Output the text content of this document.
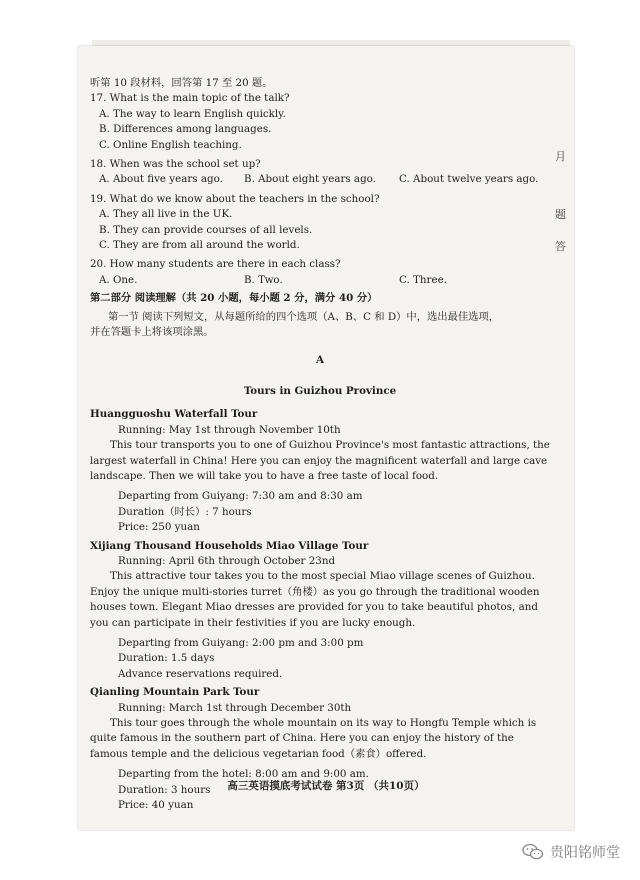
月
题
答
听第 10 段材料，回答第 17 至 20 题。
17. What is the main topic of the talk?
A. The way to learn English quickly.
B. Differences among languages.
C. Online English teaching.
18. When was the school set up?
A. About five years ago.	B. About eight years ago.	C. About twelve years ago.
19. What do we know about the teachers in the school?
A. They all live in the UK.
B. They can provide courses of all levels.
C. They are from all around the world.
20. How many students are there in each class?
A. One.	B. Two.	C. Three.
第二部分 阅读理解（共 20 小题，每小题 2 分，满分 40 分）
第一节 阅读下列短文，从每题所给的四个选项（A、B、C 和 D）中，选出最佳选项，
并在答题卡上将该项涂黑。
A
Tours in Guizhou Province
Huangguoshu Waterfall Tour
Running: May 1st through November 10th
This tour transports you to one of Guizhou Province's most fantastic attractions, the largest waterfall in China! Here you can enjoy the magnificent waterfall and large cave landscape. Then we will take you to have a free taste of local food.
Departing from Guiyang: 7:30 am and 8:30 am
Duration（时长）: 7 hours
Price: 250 yuan
Xijiang Thousand Households Miao Village Tour
Running: April 6th through October 23nd
This attractive tour takes you to the most special Miao village scenes of Guizhou. Enjoy the unique multi-stories turret（角楼）as you go through the traditional wooden houses town. Elegant Miao dresses are provided for you to take beautiful photos, and you can participate in their festivities if you are lucky enough.
Departing from Guiyang: 2:00 pm and 3:00 pm
Duration: 1.5 days
Advance reservations required.
Qianling Mountain Park Tour
Running: March 1st through December 30th
This tour goes through the whole mountain on its way to Hongfu Temple which is quite famous in the southern part of China. Here you can enjoy the history of the famous temple and the delicious vegetarian food（素食）offered.
Departing from the hotel: 8:00 am and 9:00 am.
Duration: 3 hours
Price: 40 yuan
高三英语摸底考试试卷 第3页 （共10页）
贵阳铭师堂
